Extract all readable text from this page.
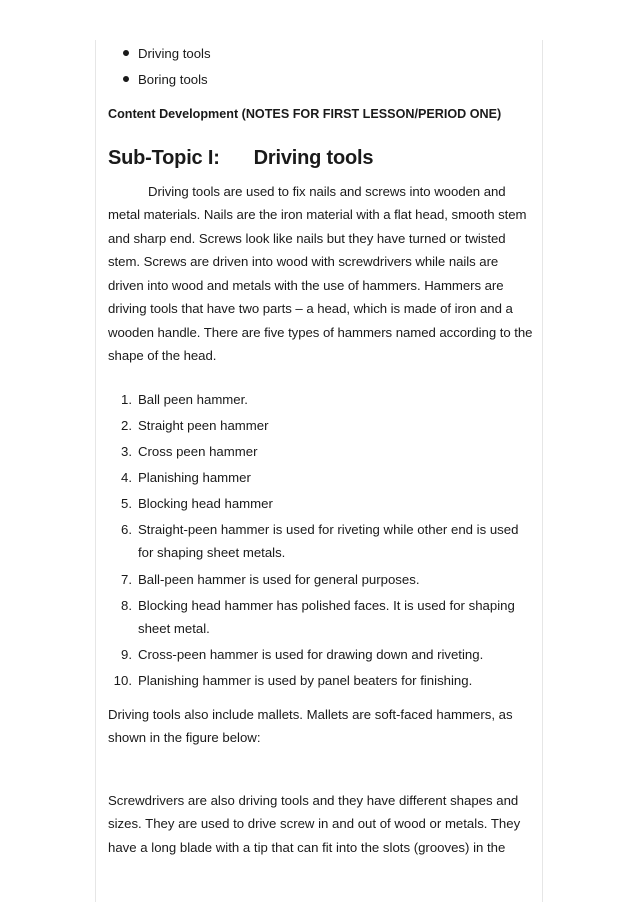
Driving tools
Boring tools
Content Development (NOTES FOR FIRST LESSON/PERIOD ONE)
Sub-Topic I: Driving tools

Driving tools are used to fix nails and screws into wooden and metal materials. Nails are the iron material with a flat head, smooth stem and sharp end. Screws look like nails but they have turned or twisted stem. Screws are driven into wood with screwdrivers while nails are driven into wood and metals with the use of hammers. Hammers are driving tools that have two parts – a head, which is made of iron and a wooden handle. There are five types of hammers named according to the shape of the head.

1. Ball peen hammer.
2. Straight peen hammer
3. Cross peen hammer
4. Planishing hammer
5. Blocking head hammer
6. Straight-peen hammer is used for riveting while other end is used for shaping sheet metals.
7. Ball-peen hammer is used for general purposes.
8. Blocking head hammer has polished faces. It is used for shaping sheet metal.
9. Cross-peen hammer is used for drawing down and riveting.
10. Planishing hammer is used by panel beaters for finishing.

Driving tools also include mallets. Mallets are soft-faced hammers, as shown in the figure below:

Screwdrivers are also driving tools and they have different shapes and sizes. They are used to drive screw in and out of wood or metals. They have a long blade with a tip that can fit into the slots (grooves) in the
